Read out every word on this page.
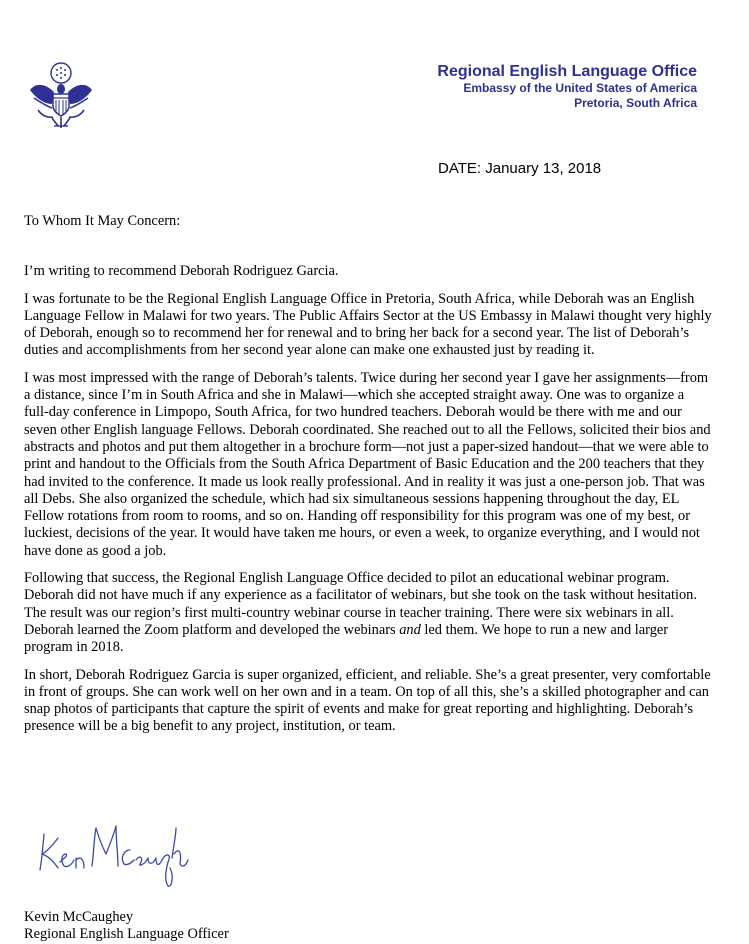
Regional English Language Office
Embassy of the United States of America
Pretoria, South Africa
DATE: January 13, 2018

To Whom It May Concern:

I’m writing to recommend Deborah Rodriguez Garcia.

I was fortunate to be the Regional English Language Office in Pretoria, South Africa, while Deborah was an English Language Fellow in Malawi for two years. The Public Affairs Sector at the US Embassy in Malawi thought very highly of Deborah, enough so to recommend her for renewal and to bring her back for a second year. The list of Deborah’s duties and accomplishments from her second year alone can make one exhausted just by reading it.

I was most impressed with the range of Deborah’s talents. Twice during her second year I gave her assignments—from a distance, since I’m in South Africa and she in Malawi—which she accepted straight away. One was to organize a full-day conference in Limpopo, South Africa, for two hundred teachers. Deborah would be there with me and our seven other English language Fellows. Deborah coordinated. She reached out to all the Fellows, solicited their bios and abstracts and photos and put them altogether in a brochure form—not just a paper-sized handout—that we were able to print and handout to the Officials from the South Africa Department of Basic Education and the 200 teachers that they had invited to the conference. It made us look really professional. And in reality it was just a one-person job. That was all Debs. She also organized the schedule, which had six simultaneous sessions happening throughout the day, EL Fellow rotations from room to rooms, and so on. Handing off responsibility for this program was one of my best, or luckiest, decisions of the year. It would have taken me hours, or even a week, to organize everything, and I would not have done as good a job.

Following that success, the Regional English Language Office decided to pilot an educational webinar program. Deborah did not have much if any experience as a facilitator of webinars, but she took on the task without hesitation. The result was our region’s first multi-country webinar course in teacher training. There were six webinars in all. Deborah learned the Zoom platform and developed the webinars and led them. We hope to run a new and larger program in 2018.

In short, Deborah Rodriguez Garcia is super organized, efficient, and reliable. She’s a great presenter, very comfortable in front of groups. She can work well on her own and in a team. On top of all this, she’s a skilled photographer and can snap photos of participants that capture the spirit of events and make for great reporting and highlighting. Deborah’s presence will be a big benefit to any project, institution, or team.

Kevin McCaughey
Regional English Language Officer
